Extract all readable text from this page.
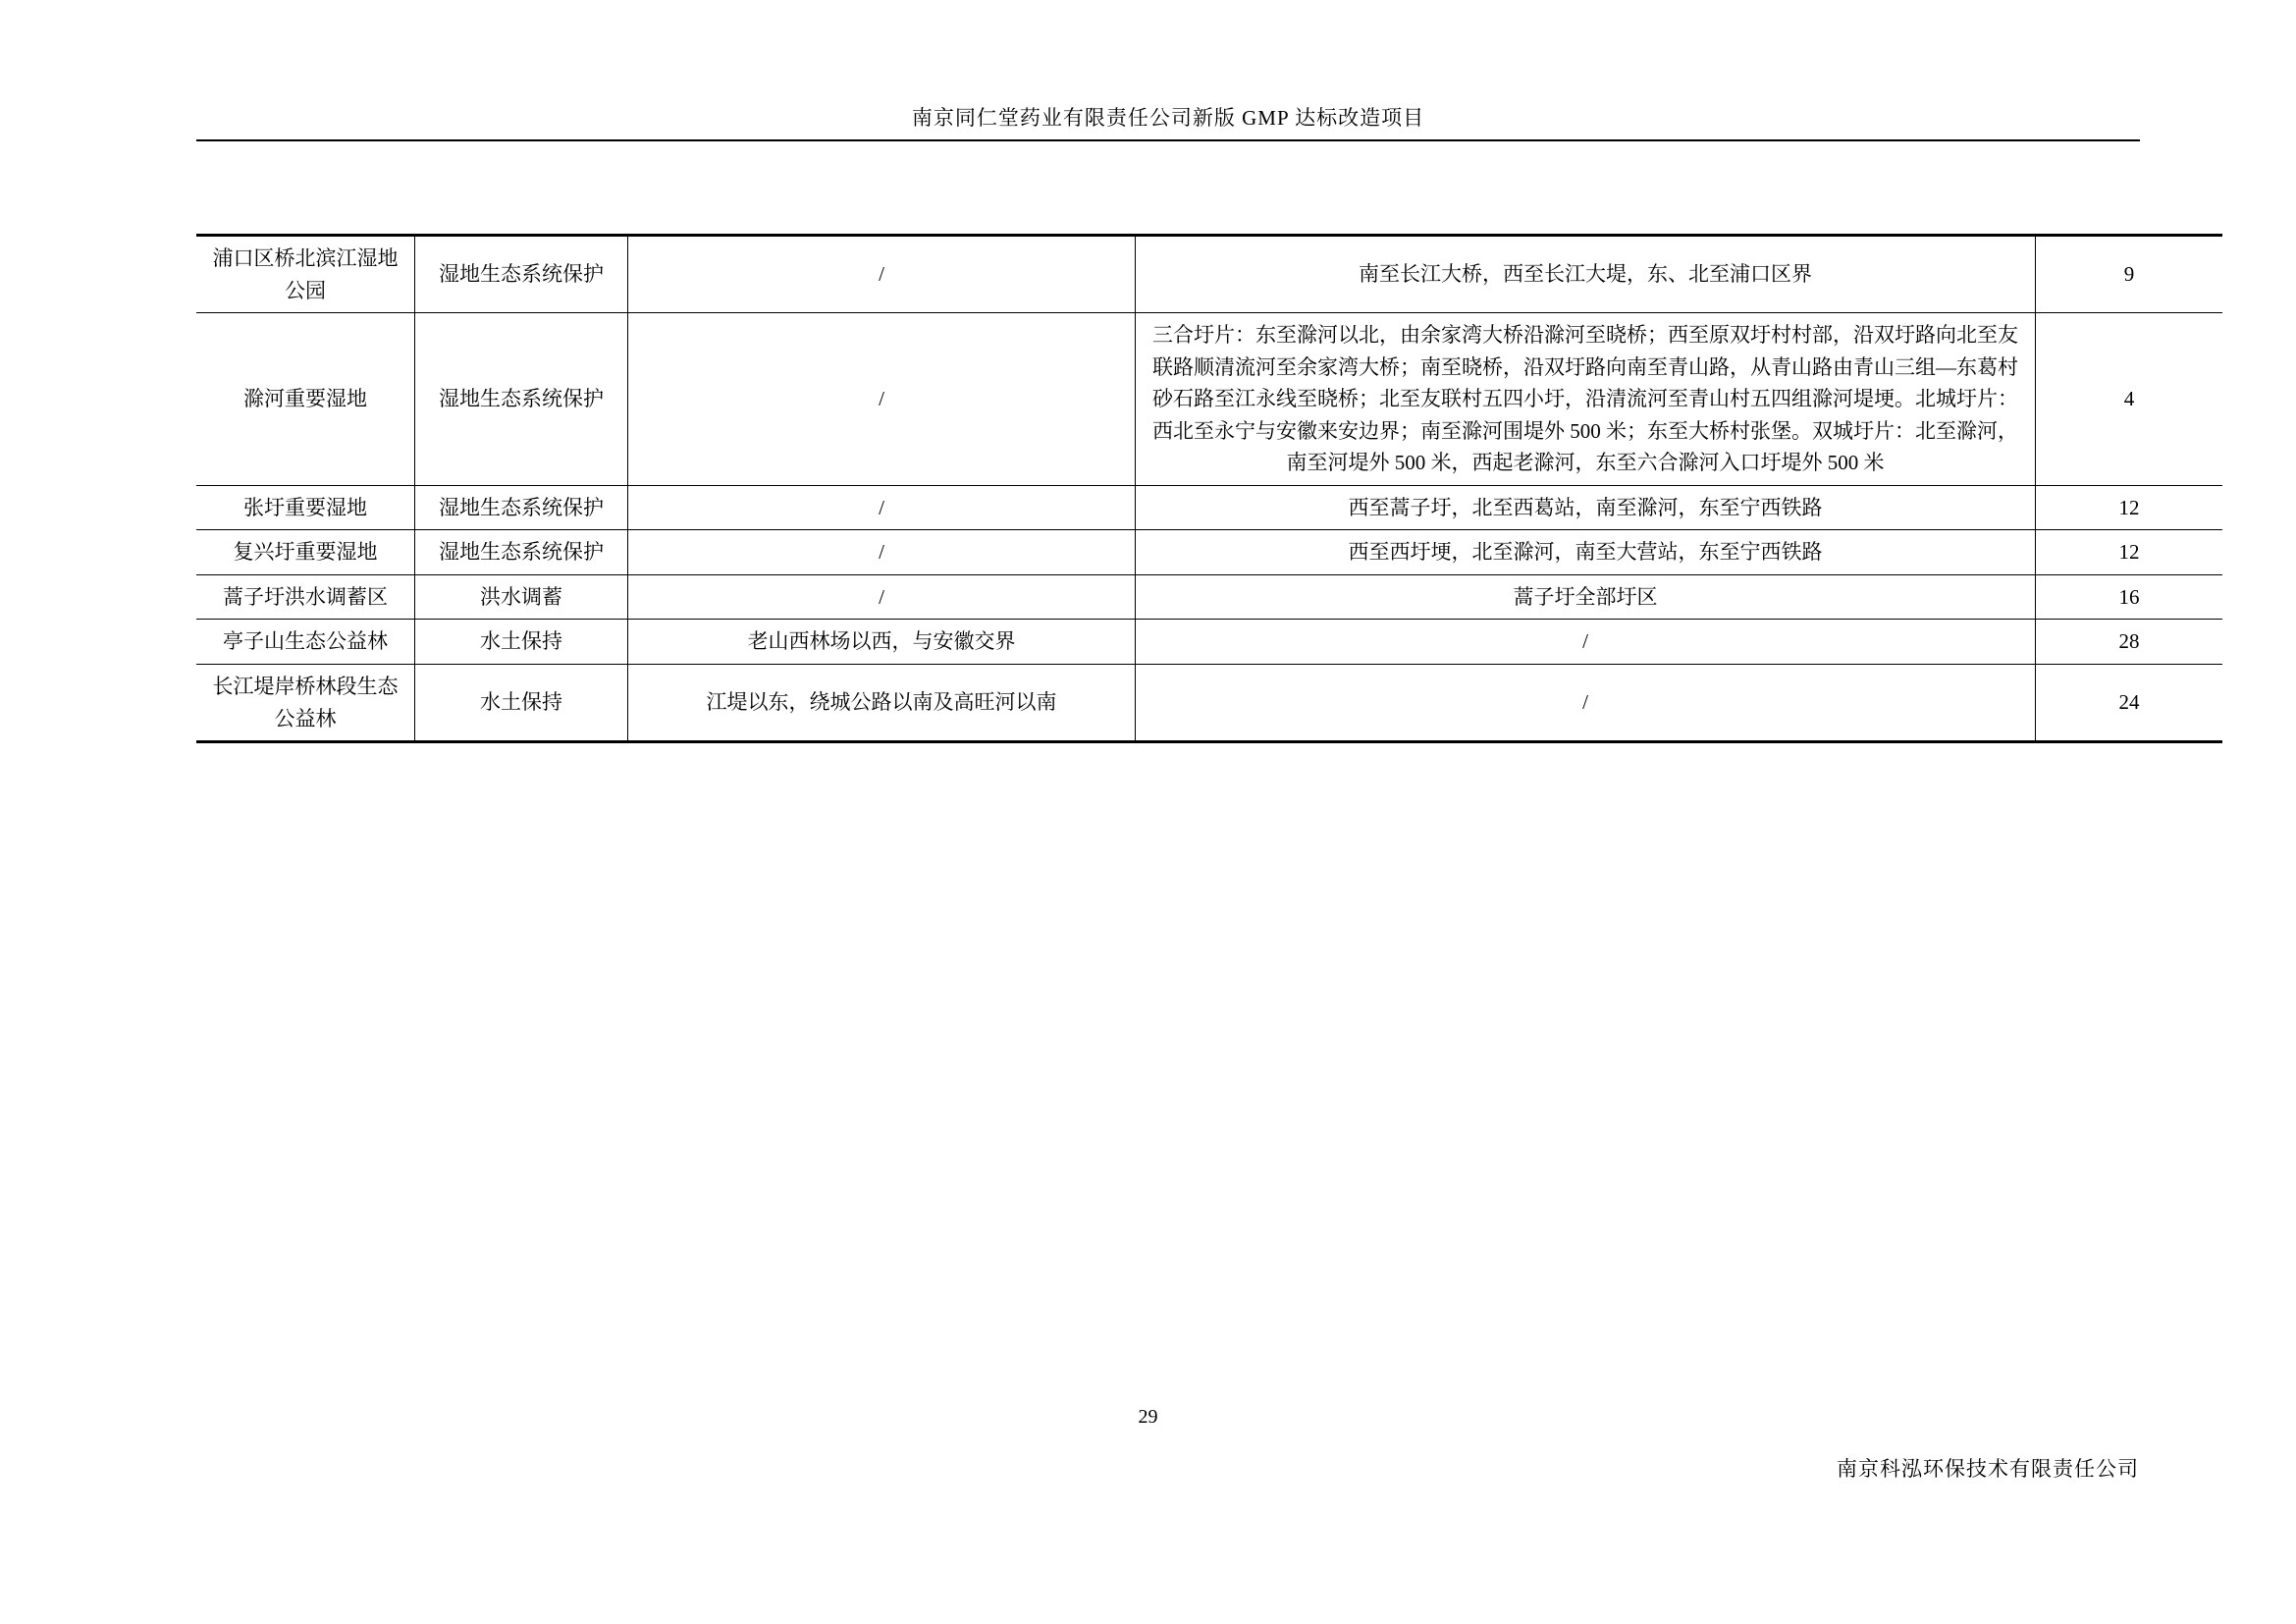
南京同仁堂药业有限责任公司新版 GMP 达标改造项目
浦口区桥北滨江湿地公园	湿地生态系统保护	/	南至长江大桥，西至长江大堤，东、北至浦口区界	9
滁河重要湿地	湿地生态系统保护	/	三合圩片：东至滁河以北，由余家湾大桥沿滁河至晓桥；西至原双圩村村部，沿双圩路向北至友联路顺清流河至余家湾大桥；南至晓桥，沿双圩路向南至青山路，从青山路由青山三组—东葛村砂石路至江永线至晓桥；北至友联村五四小圩，沿清流河至青山村五四组滁河堤埂。北城圩片：西北至永宁与安徽来安边界；南至滁河围堤外 500 米；东至大桥村张堡。双城圩片：北至滁河，南至河堤外 500 米，西起老滁河，东至六合滁河入口圩堤外 500 米	4
张圩重要湿地	湿地生态系统保护	/	西至蒿子圩，北至西葛站，南至滁河，东至宁西铁路	12
复兴圩重要湿地	湿地生态系统保护	/	西至西圩埂，北至滁河，南至大营站，东至宁西铁路	12
蒿子圩洪水调蓄区	洪水调蓄	/	蒿子圩全部圩区	16
亭子山生态公益林	水土保持	老山西林场以西，与安徽交界	/	28
长江堤岸桥林段生态公益林	水土保持	江堤以东，绕城公路以南及高旺河以南	/	24
29
南京科泓环保技术有限责任公司
